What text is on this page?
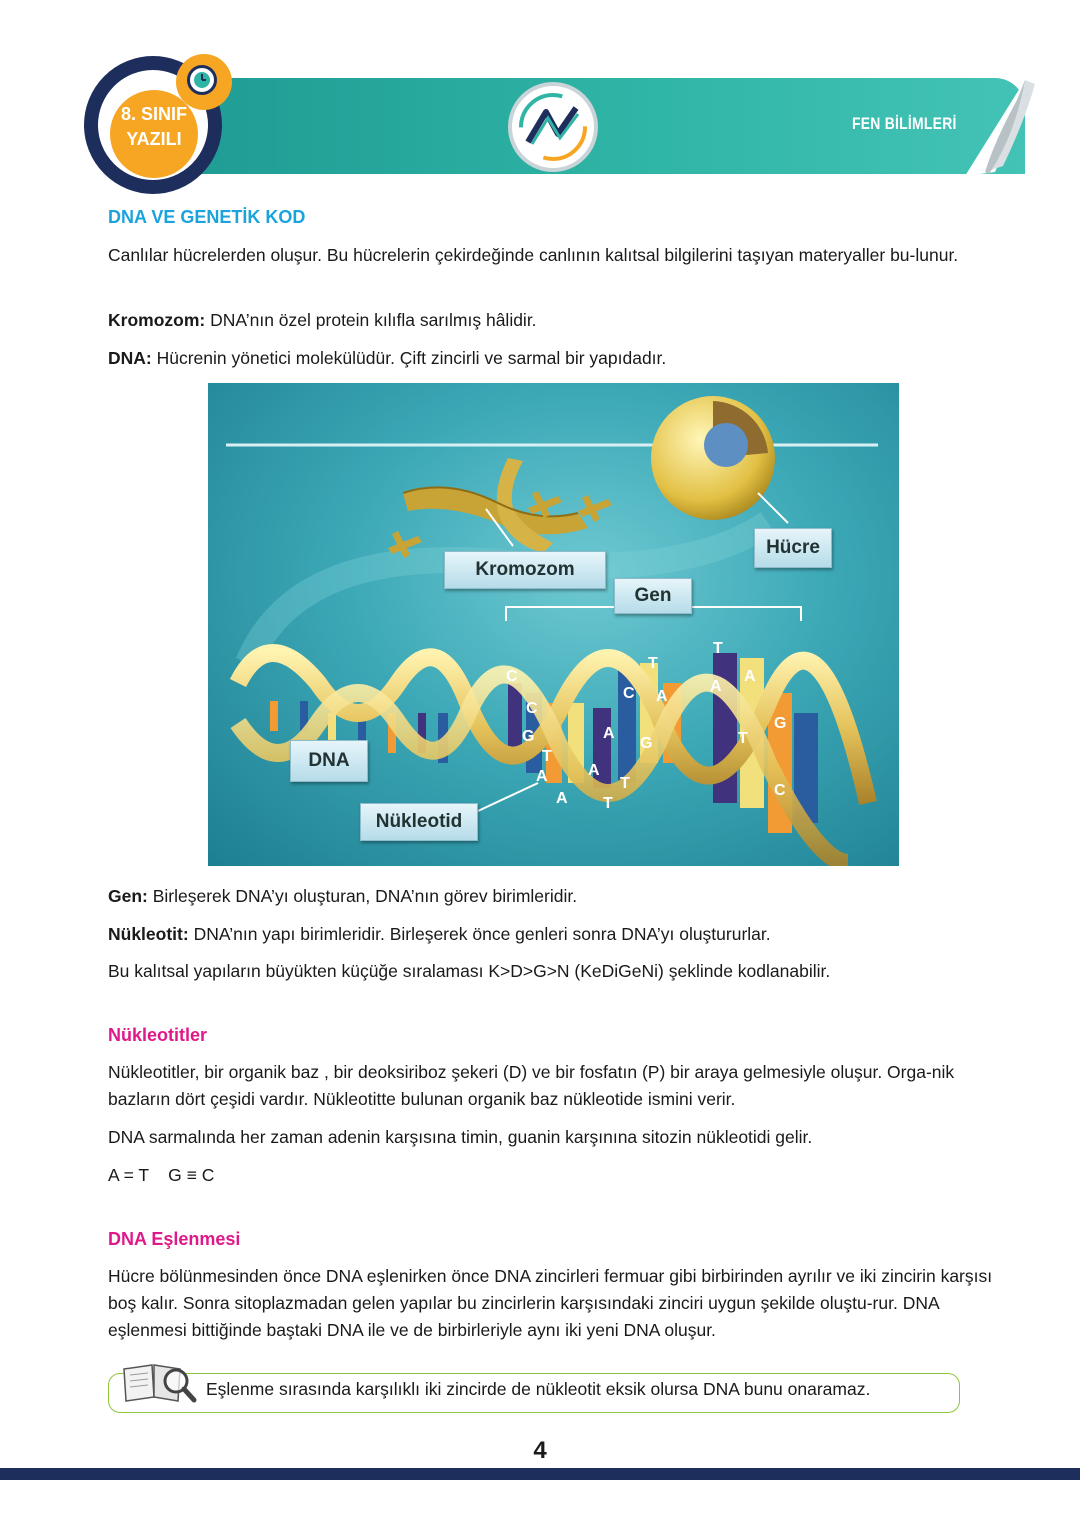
8. SINIF
YAZILI
FEN BİLİMLERİ
DNA VE GENETİK KOD
Canlılar hücrelerden oluşur. Bu hücrelerin çekirdeğinde canlının kalıtsal bilgilerini taşıyan materyaller bu-lunur.
Kromozom: DNA’nın özel protein kılıfla sarılmış hâlidir.
DNA: Hücrenin yönetici molekülüdür. Çift zincirli ve sarmal bir yapıdadır.
C
C
G
T
A
A
A
T
T
A
G
C A
T
T
A
A
T
G
C
Kromozom
Hücre
Gen
DNA
Nükleotid
Gen: Birleşerek DNA’yı oluşturan, DNA’nın görev birimleridir.
Nükleotit: DNA’nın yapı birimleridir. Birleşerek önce genleri sonra DNA’yı oluştururlar.
Bu kalıtsal yapıların büyükten küçüğe sıralaması K>D>G>N (KeDiGeNi) şeklinde kodlanabilir.
Nükleotitler
Nükleotitler, bir organik baz , bir deoksiriboz şekeri (D) ve bir fosfatın (P) bir araya gelmesiyle oluşur. Orga-nik bazların dört çeşidi vardır. Nükleotitte bulunan organik baz nükleotide ismini verir.
DNA sarmalında her zaman adenin karşısına timin, guanin karşınına sitozin nükleotidi gelir.
A = T    G ≡ C
DNA Eşlenmesi
Hücre bölünmesinden önce DNA eşlenirken önce DNA zincirleri fermuar gibi birbirinden ayrılır ve iki zincirin karşısı boş kalır. Sonra sitoplazmadan gelen yapılar bu zincirlerin karşısındaki zinciri uygun şekilde oluştu-rur. DNA eşlenmesi bittiğinde baştaki DNA ile ve de birbirleriyle aynı iki yeni DNA oluşur.
Eşlenme sırasında karşılıklı iki zincirde de nükleotit eksik olursa DNA bunu onaramaz.
4
